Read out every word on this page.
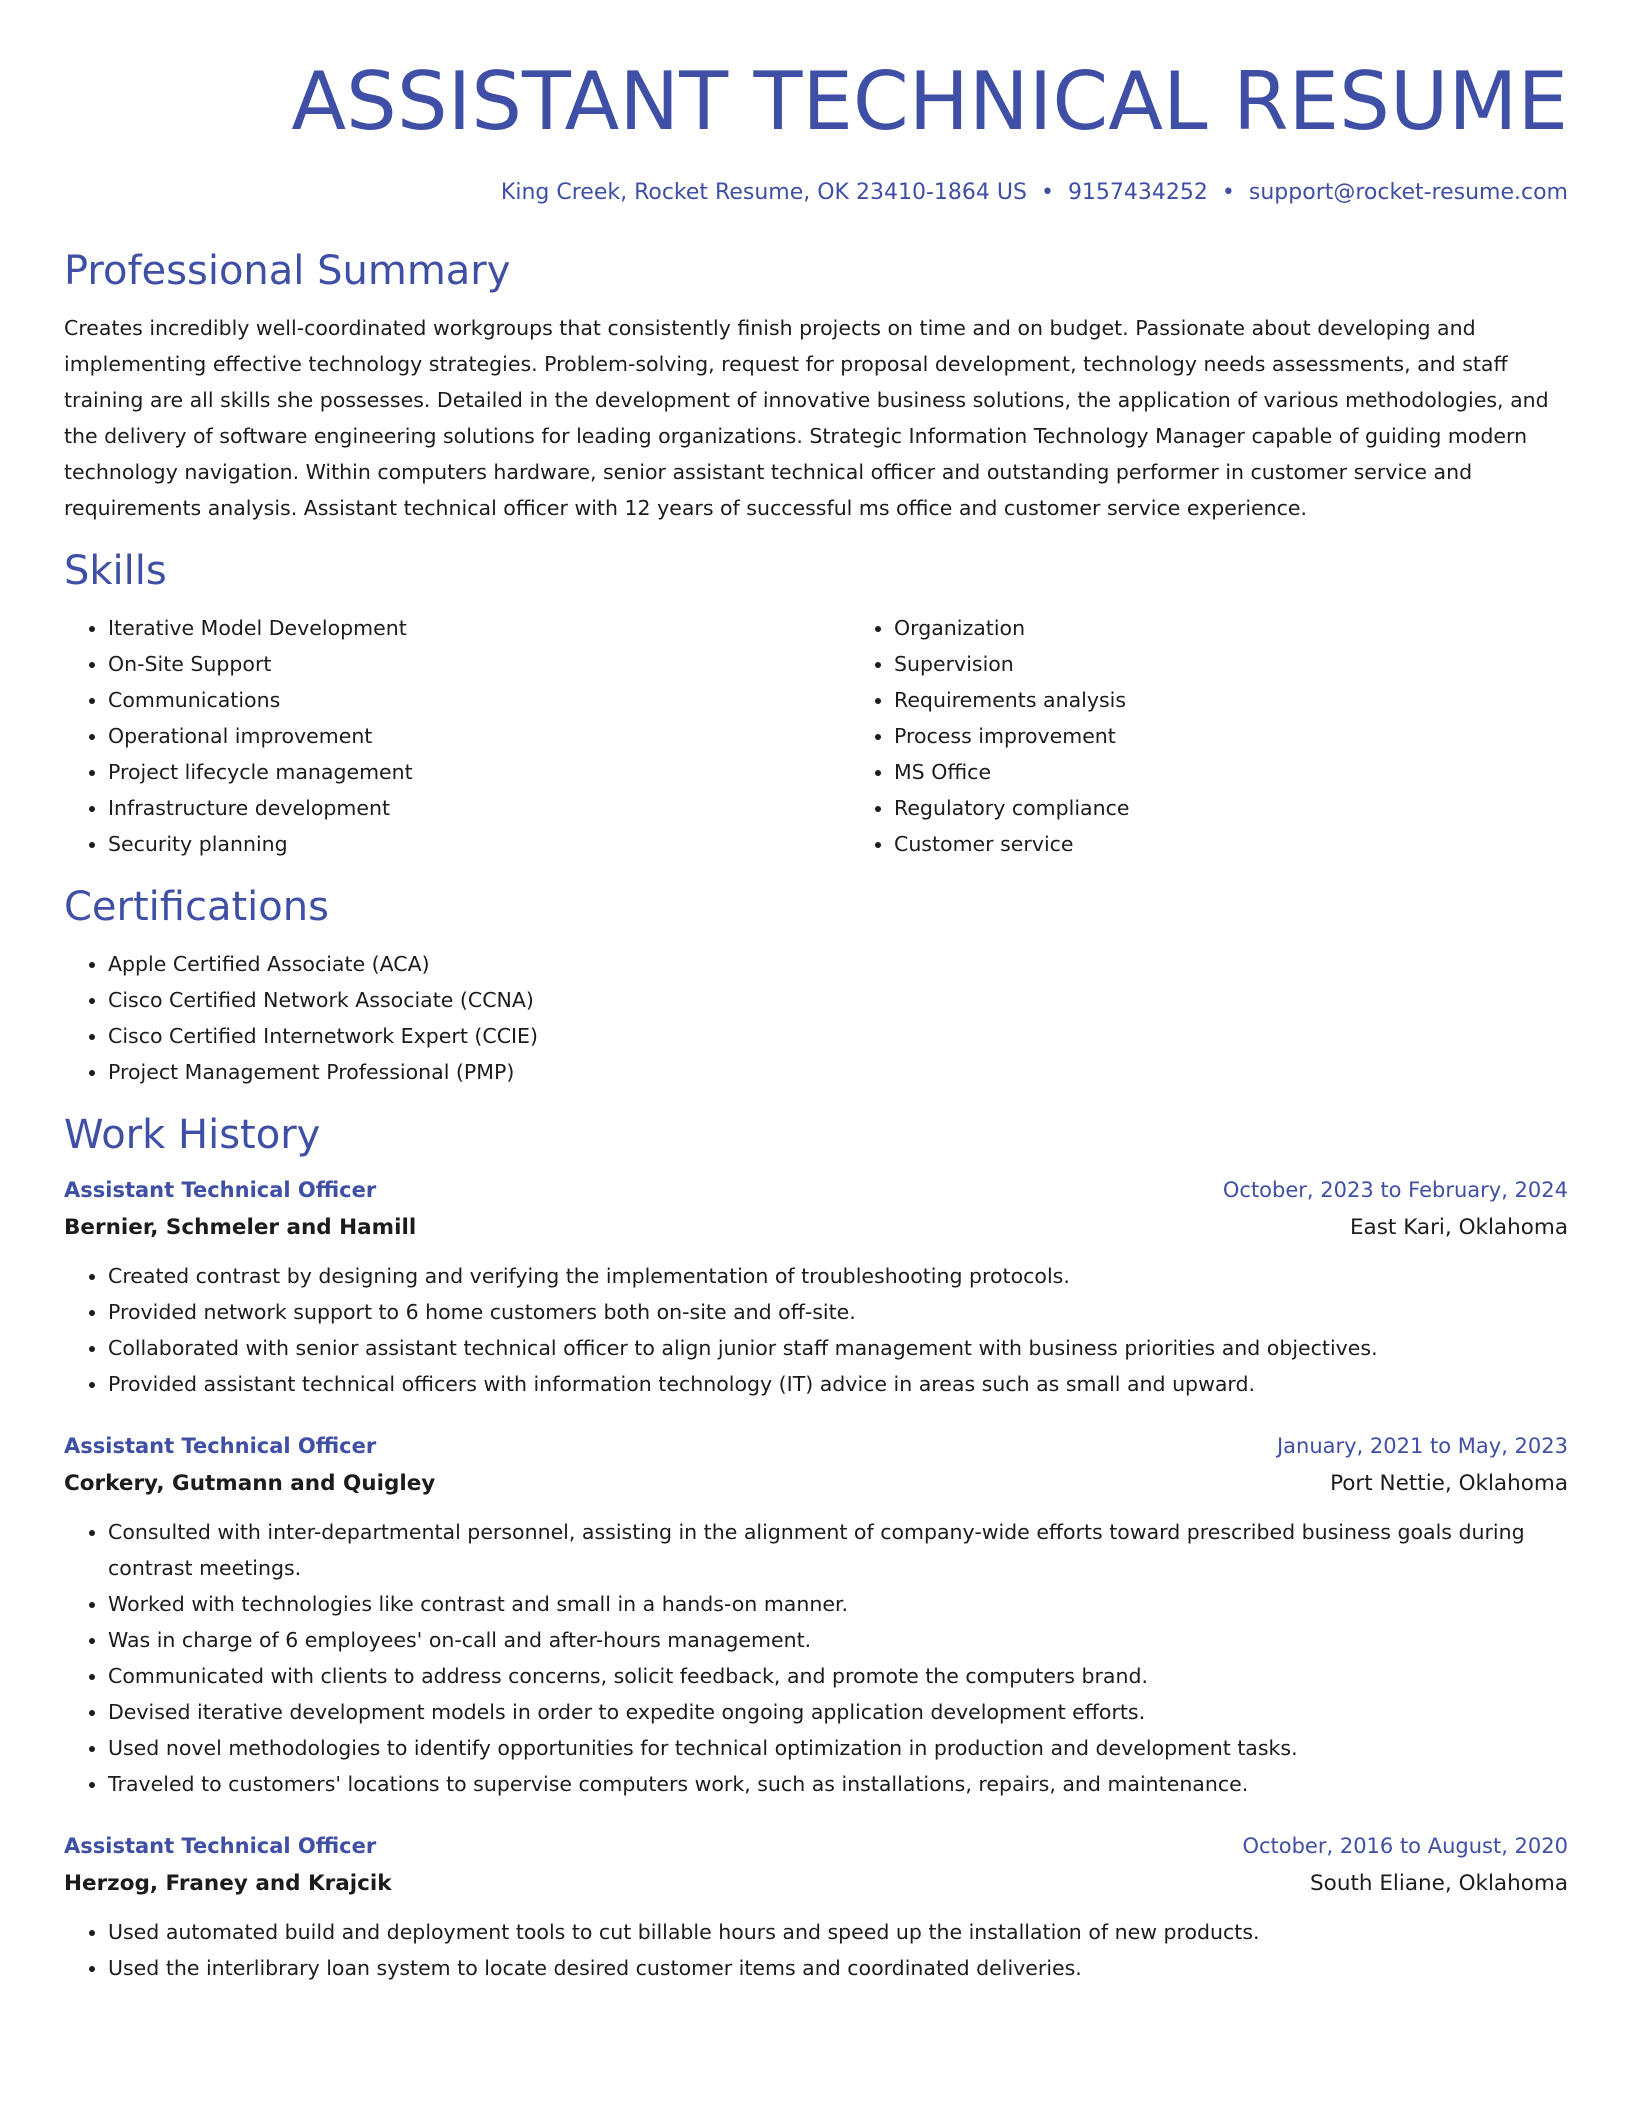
ASSISTANT TECHNICAL RESUME
King Creek, Rocket Resume, OK 23410-1864 US • 9157434252 • support@rocket-resume.com
Professional Summary

Creates incredibly well-coordinated workgroups that consistently finish projects on time and on budget. Passionate about developing and implementing effective technology strategies. Problem-solving, request for proposal development, technology needs assessments, and staff training are all skills she possesses. Detailed in the development of innovative business solutions, the application of various methodologies, and the delivery of software engineering solutions for leading organizations. Strategic Information Technology Manager capable of guiding modern technology navigation. Within computers hardware, senior assistant technical officer and outstanding performer in customer service and requirements analysis. Assistant technical officer with 12 years of successful ms office and customer service experience.

Skills
• Iterative Model Development
• On-Site Support
• Communications
• Operational improvement
• Project lifecycle management
• Infrastructure development
• Security planning
• Organization
• Supervision
• Requirements analysis
• Process improvement
• MS Office
• Regulatory compliance
• Customer service
Certifications
• Apple Certified Associate (ACA)
• Cisco Certified Network Associate (CCNA)
• Cisco Certified Internetwork Expert (CCIE)
• Project Management Professional (PMP)
Work History
Assistant Technical Officer	October, 2023 to February, 2024
Bernier, Schmeler and Hamill	East Kari, Oklahoma
• Created contrast by designing and verifying the implementation of troubleshooting protocols.
• Provided network support to 6 home customers both on-site and off-site.
• Collaborated with senior assistant technical officer to align junior staff management with business priorities and objectives.
• Provided assistant technical officers with information technology (IT) advice in areas such as small and upward.
Assistant Technical Officer	January, 2021 to May, 2023
Corkery, Gutmann and Quigley	Port Nettie, Oklahoma
• Consulted with inter-departmental personnel, assisting in the alignment of company-wide efforts toward prescribed business goals during contrast meetings.
• Worked with technologies like contrast and small in a hands-on manner.
• Was in charge of 6 employees' on-call and after-hours management.
• Communicated with clients to address concerns, solicit feedback, and promote the computers brand.
• Devised iterative development models in order to expedite ongoing application development efforts.
• Used novel methodologies to identify opportunities for technical optimization in production and development tasks.
• Traveled to customers' locations to supervise computers work, such as installations, repairs, and maintenance.
Assistant Technical Officer	October, 2016 to August, 2020
Herzog, Franey and Krajcik	South Eliane, Oklahoma
• Used automated build and deployment tools to cut billable hours and speed up the installation of new products.
• Used the interlibrary loan system to locate desired customer items and coordinated deliveries.
